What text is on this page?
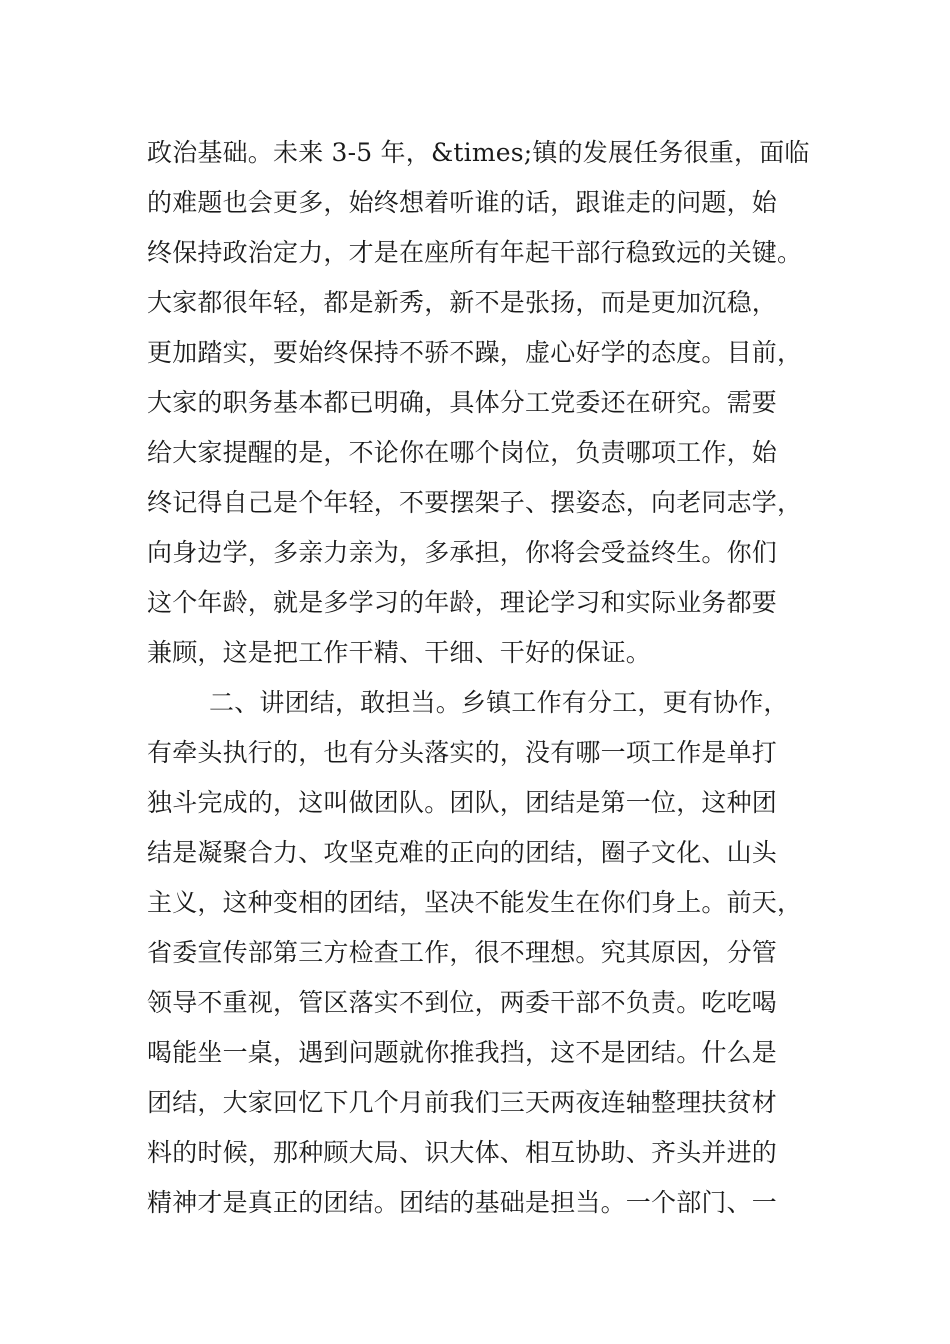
政治基础。未来 3-5 年，&times;镇的发展任务很重，面临
的难题也会更多，始终想着听谁的话，跟谁走的问题，始
终保持政治定力，才是在座所有年起干部行稳致远的关键。
大家都很年轻，都是新秀，新不是张扬，而是更加沉稳，
更加踏实，要始终保持不骄不躁，虚心好学的态度。目前，
大家的职务基本都已明确，具体分工党委还在研究。需要
给大家提醒的是，不论你在哪个岗位，负责哪项工作，始
终记得自己是个年轻，不要摆架子、摆姿态，向老同志学，
向身边学，多亲力亲为，多承担，你将会受益终生。你们
这个年龄，就是多学习的年龄，理论学习和实际业务都要
兼顾，这是把工作干精、干细、干好的保证。
二、讲团结，敢担当。乡镇工作有分工，更有协作，
有牵头执行的，也有分头落实的，没有哪一项工作是单打
独斗完成的，这叫做团队。团队，团结是第一位，这种团
结是凝聚合力、攻坚克难的正向的团结，圈子文化、山头
主义，这种变相的团结，坚决不能发生在你们身上。前天，
省委宣传部第三方检查工作，很不理想。究其原因，分管
领导不重视，管区落实不到位，两委干部不负责。吃吃喝
喝能坐一桌，遇到问题就你推我挡，这不是团结。什么是
团结，大家回忆下几个月前我们三天两夜连轴整理扶贫材
料的时候，那种顾大局、识大体、相互协助、齐头并进的
精神才是真正的团结。团结的基础是担当。一个部门、一
